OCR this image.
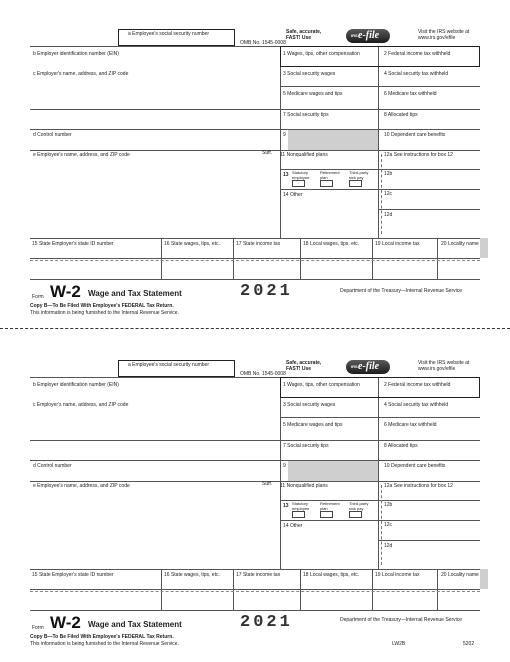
a Employee's social security number
OMB No. 1545-0008
Safe, accurate,
FAST! Use	IRS e-file	Visit the IRS website at
www.irs.gov/efile
b Employer identification number (EIN)
c Employer's name, address, and ZIP code
d Control number
e Employee's name, address, and ZIP code	Suff.
1 Wages, tips, other compensation	2 Federal income tax withheld
3 Social security wages	4 Social security tax withheld
5 Medicare wages and tips	6 Medicare tax withheld
7 Social security tips	8 Allocated tips
9	10 Dependent care benefits
11 Nonqualified plans	12a See instructions for box 12
12b
12c
12d
13 Statutory employee
Retirement plan
Third-party sick pay
14 Other
15 State Employer's state ID number	16 State wages, tips, etc.	17 State income tax	18 Local wages, tips, etc.	19 Local income tax	20 Locality name
Form W-2 Wage and Tax Statement	2021	Department of the Treasury—Internal Revenue Service
Copy B—To Be Filed With Employee's FEDERAL Tax Return.
This information is being furnished to the Internal Revenue Service.
a Employee's social security number
OMB No. 1545-0008
Safe, accurate,
FAST! Use	IRS e-file	Visit the IRS website at
www.irs.gov/efile
b Employer identification number (EIN)
c Employer's name, address, and ZIP code
d Control number
e Employee's name, address, and ZIP code	Suff.
1 Wages, tips, other compensation	2 Federal income tax withheld
3 Social security wages	4 Social security tax withheld
5 Medicare wages and tips	6 Medicare tax withheld
7 Social security tips	8 Allocated tips
9	10 Dependent care benefits
11 Nonqualified plans	12a See instructions for box 12
12b
12c
12d
13 Statutory employee
Retirement plan
Third-party sick pay
14 Other
15 State Employer's state ID number	16 State wages, tips, etc.	17 State income tax	18 Local wages, tips, etc.	19 Local income tax	20 Locality name
Form W-2 Wage and Tax Statement	2021	Department of the Treasury—Internal Revenue Service
LW2B	5202
Copy B—To Be Filed With Employee's FEDERAL Tax Return.
This information is being furnished to the Internal Revenue Service.
